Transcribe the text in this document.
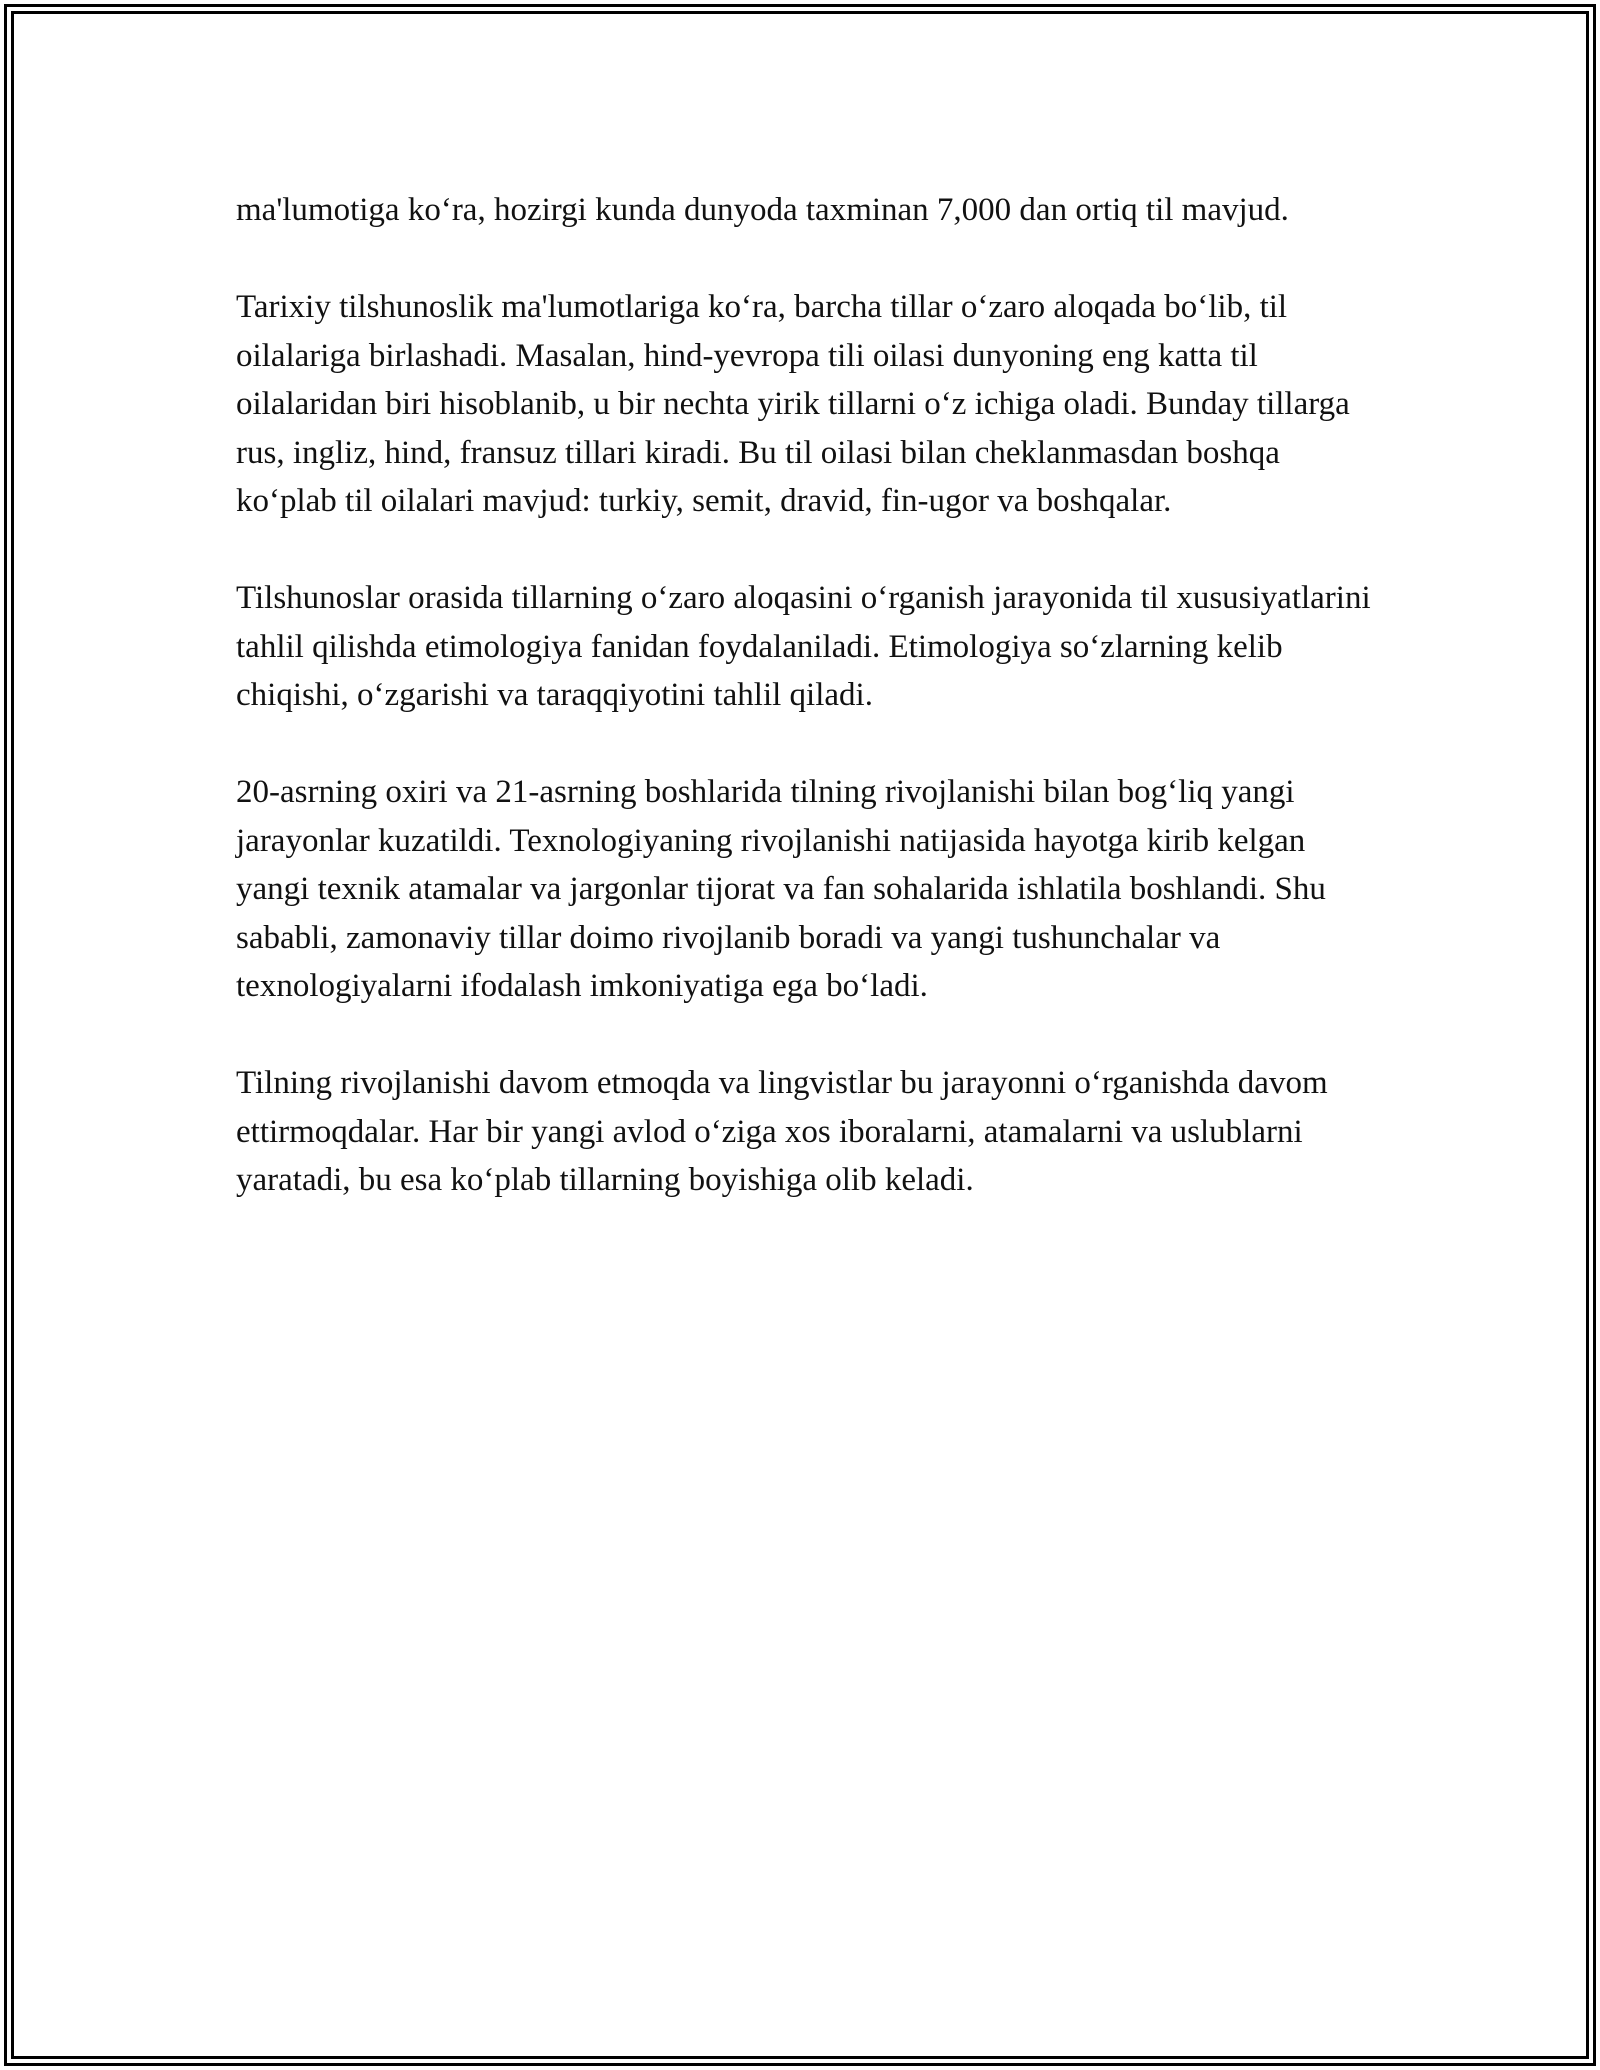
ma'lumotiga koʻra, hozirgi kunda dunyoda taxminan 7,000 dan ortiq til mavjud.

Tarixiy tilshunoslik ma'lumotlariga koʻra, barcha tillar oʻzaro aloqada boʻlib, til oilalariga birlashadi. Masalan, hind-yevropa tili oilasi dunyoning eng katta til oilalaridan biri hisoblanib, u bir nechta yirik tillarni oʻz ichiga oladi. Bunday tillarga rus, ingliz, hind, fransuz tillari kiradi. Bu til oilasi bilan cheklanmasdan boshqa koʻplab til oilalari mavjud: turkiy, semit, dravid, fin-ugor va boshqalar.

Tilshunoslar orasida tillarning oʻzaro aloqasini oʻrganish jarayonida til xususiyatlarini tahlil qilishda etimologiya fanidan foydalaniladi. Etimologiya soʻzlarning kelib chiqishi, oʻzgarishi va taraqqiyotini tahlil qiladi.

20-asrning oxiri va 21-asrning boshlarida tilning rivojlanishi bilan bogʻliq yangi jarayonlar kuzatildi. Texnologiyaning rivojlanishi natijasida hayotga kirib kelgan yangi texnik atamalar va jargonlar tijorat va fan sohalarida ishlatila boshlandi. Shu sababli, zamonaviy tillar doimo rivojlanib boradi va yangi tushunchalar va texnologiyalarni ifodalash imkoniyatiga ega boʻladi.

Tilning rivojlanishi davom etmoqda va lingvistlar bu jarayonni oʻrganishda davom ettirmoqdalar. Har bir yangi avlod oʻziga xos iboralarni, atamalarni va uslublarni yaratadi, bu esa koʻplab tillarning boyishiga olib keladi.
